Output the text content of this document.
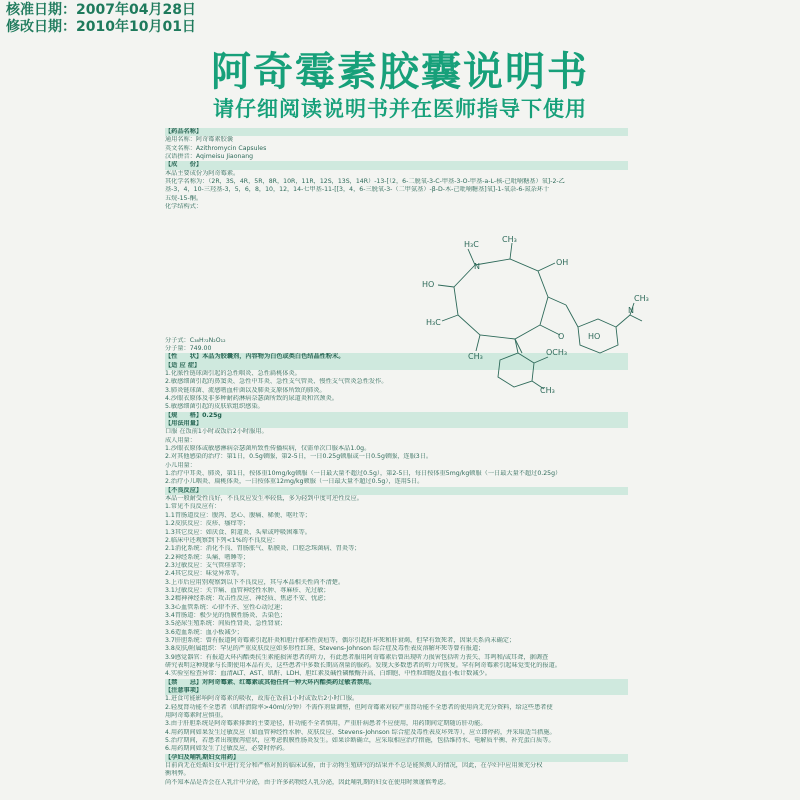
核准日期：2007年04月28日
修改日期：2010年10月01日
阿奇霉素胶囊说明书
请仔细阅读说明书并在医师指导下使用
【药品名称】
通用名称：阿奇霉素胶囊
英文名称：Azithromycin Capsules
汉语拼音：Aqimeisu Jiaonang
【成　　份】
本品主要成份为阿奇霉素。
其化学名称为：（2R，3S，4R，5R，8R，10R，11R，12S，13S，14R）-13-[（2，6-二脱氧-3-C-甲基-3-O-甲基-a-L-核-己吡喃糖基）氧]-2-乙
基-3，4，10-三羟基-3，5，6，8，10，12，14-七甲基-11-[[3，4，6-三脱氧-3-（二甲氨基）-β-D-木-己吡喃糖基]氧]-1-氧杂-6-氮杂环十
五烷-15-酮。
化学结构式：

分子式：C₃₈H₇₂N₂O₁₂
分子量：749.00
【性　　状】本品为胶囊剂，内容物为白色或类白色结晶性粉末。
【适 应 症】
1.化脓性链球菌引起的急性咽炎、急性扁桃体炎。
2.敏感细菌引起的鼻窦炎、急性中耳炎、急性支气管炎、慢性支气管炎急性发作。
3.肺炎链球菌、流感嗜血杆菌以及肺炎支原体所致的肺炎。
4.沙眼衣原体及非多种耐药淋病奈瑟菌所致的尿道炎和宫颈炎。
5.敏感细菌引起的皮肤软组织感染。
【规　　格】0.25g
【用法用量】
口服 在饭前1小时或饭后2小时服用。
成人用量：
1.沙眼衣原体或敏感淋病奈瑟菌所致性传播疾病，仅需单次口服本品1.0g。
2.对其他感染的治疗：第1日，0.5g顿服，第2-5日，一日0.25g顿服或一日0.5g顿服，连服3日。
小儿用量：
1.治疗中耳炎、肺炎，第1日，按体重10mg/kg顿服（一日最大量不超过0.5g），第2-5日，每日按体重5mg/kg顿服（一日最大量不超过0.25g）
2.治疗小儿咽炎、扁桃体炎，一日按体重12mg/kg顿服（一日最大量不超过0.5g），连用5日。
【不良反应】
本品一般耐受性良好，不良反应发生率较低，多为轻到中度可逆性反应。
1.常见不良反应有：
1.1胃肠道反应：腹泻、恶心、腹痛、稀便、呕吐等；
1.2皮肤反应：皮疹、瘙痒等；
1.3其它反应：如厌食、阴道炎、头晕或呼吸困难等。
2.临床中还观察到下列<1%的不良反应：
2.1消化系统：消化不良、胃肠胀气、粘膜炎、口腔念珠菌病、胃炎等；
2.2神经系统：头痛、嗜睡等；
2.3过敏反应：支气管痉挛等；
2.4其它反应：味觉异常等。
3.上市后应用别观察到以下不良反应，其与本品相关性尚不清楚。
3.1过敏反应：关节痛、血管神经性水肿、荨麻疹、光过敏；
3.2精神神经系统：攻击性反应、神经质、焦虑不安、忧虑；
3.3心血管系统：心律不齐、室性心动过速；
3.4胃肠道：极少见的伪膜性肠炎、舌染色；
3.5泌尿生殖系统：间质性肾炎、急性肾衰；
3.6造血系统：血小板减少；
3.7肝胆系统：曾有报道阿奇霉素引起肝炎和胆汁郁积性黄疸等，偶尔引起肝坏死和肝衰竭，但罕有致死者，因果关系尚未确定；
3.8皮肤/附属组织：罕见的严重皮肤反应如多形性红斑、Stevens-Johnson 综合症及毒性表皮溶解坏死等曾有报道；
3.9感觉器官：有报道大环内酯类抗生素能损害患者的听力，有此患者服用阿奇霉素后曾出现听力损害包括听力丧失、耳鸣和/或耳聋，据调查
研究表明这种现象与长期使用本品有关，这些患者中多数长期高剂量的服药。发现大多数患者的听力可恢复。罕有阿奇霉素引起味觉变化的报道。
4.实验室检查异常：血清ALT、AST、肌酐、LDH、胆红素及碱性磷酸酶升高、白细胞、中性粒细胞及血小板计数减少。
【禁　　忌】对阿奇霉素、红霉素或其他任何一种大环内酯类药过敏者禁用。
【注意事项】
1.进食可能影响阿奇霉素的吸收，故需在饭前1小时或饭后2小时口服。
2.轻度肾功能不全患者（肌酐清除率>40ml/分钟）不需作剂量调整，但阿奇霉素对较严重肾功能不全患者的使用尚无充分资料，给这些患者使
用阿奇霉素时应慎重。
3.由于肝胆系统是阿奇霉素排泄的主要途径，肝功能不全者慎用，严重肝病患者不应使用，用药期间定期随访肝功能。
4.用药期间如果发生过敏反应（如血管神经性水肿、皮肤反应、Stevens-Johnson 综合症及毒性表皮坏死等），应立即停药，并采取适当措施。
5.治疗期间，若患者出现腹泻症状，应考虑假膜性肠炎发生。如果诊断确立，应采取相应治疗措施，包括维持水、电解质平衡、补充蛋白质等。
6.用药期间如发生了过敏反应，必要时停药。
【孕妇及哺乳期妇女用药】
目前尚无在妊娠妇女中进行充分和严格对照的临床试验，由于动物生殖研究的结果并不总是能预测人的情况，因此，在孕妇中应用须充分权
衡利弊。
尚不知本品是否会在人乳汁中分泌，由于许多药物经人乳分泌，因此哺乳期的妇女在使用时须谨慎考虑。
H₃C
CH₃
N	OH
HO
H₃C
CH₃
O
OCH₃
CH₃
HO
N
CH₃
